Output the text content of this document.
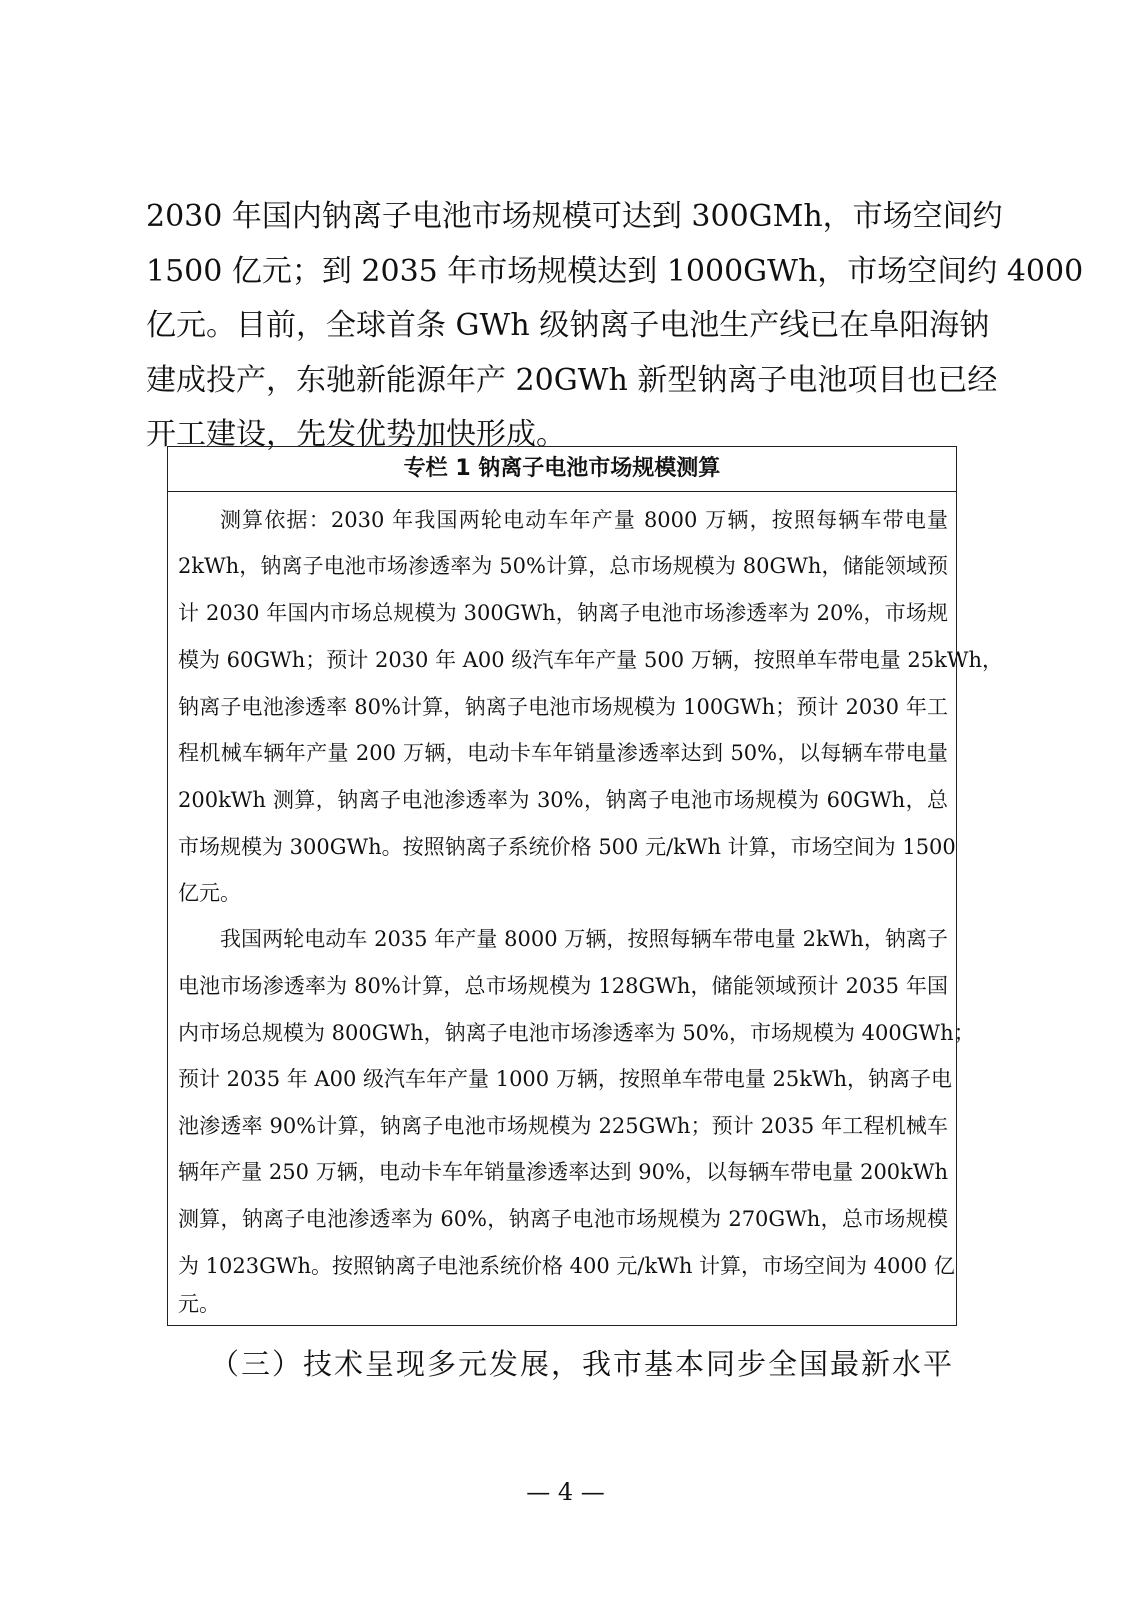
2030 年国内钠离子电池市场规模可达到 300GMh，市场空间约
1500 亿元；到 2035 年市场规模达到 1000GWh，市场空间约 4000
亿元。目前，全球首条 GWh 级钠离子电池生产线已在阜阳海钠
建成投产，东驰新能源年产 20GWh 新型钠离子电池项目也已经
开工建设，先发优势加快形成。
专栏 1 钠离子电池市场规模测算
测算依据：2030 年我国两轮电动车年产量 8000 万辆，按照每辆车带电量
2kWh，钠离子电池市场渗透率为 50%计算，总市场规模为 80GWh，储能领域预
计 2030 年国内市场总规模为 300GWh，钠离子电池市场渗透率为 20%，市场规
模为 60GWh；预计 2030 年 A00 级汽车年产量 500 万辆，按照单车带电量 25kWh，
钠离子电池渗透率 80%计算，钠离子电池市场规模为 100GWh；预计 2030 年工
程机械车辆年产量 200 万辆，电动卡车年销量渗透率达到 50%，以每辆车带电量
200kWh 测算，钠离子电池渗透率为 30%，钠离子电池市场规模为 60GWh，总
市场规模为 300GWh。按照钠离子系统价格 500 元/kWh 计算，市场空间为 1500
亿元。
我国两轮电动车 2035 年产量 8000 万辆，按照每辆车带电量 2kWh，钠离子
电池市场渗透率为 80%计算，总市场规模为 128GWh，储能领域预计 2035 年国
内市场总规模为 800GWh，钠离子电池市场渗透率为 50%，市场规模为 400GWh；
预计 2035 年 A00 级汽车年产量 1000 万辆，按照单车带电量 25kWh，钠离子电
池渗透率 90%计算，钠离子电池市场规模为 225GWh；预计 2035 年工程机械车
辆年产量 250 万辆，电动卡车年销量渗透率达到 90%，以每辆车带电量 200kWh
测算，钠离子电池渗透率为 60%，钠离子电池市场规模为 270GWh，总市场规模
为 1023GWh。按照钠离子电池系统价格 400 元/kWh 计算，市场空间为 4000 亿
元。
（三）技术呈现多元发展，我市基本同步全国最新水平
— 4 —
